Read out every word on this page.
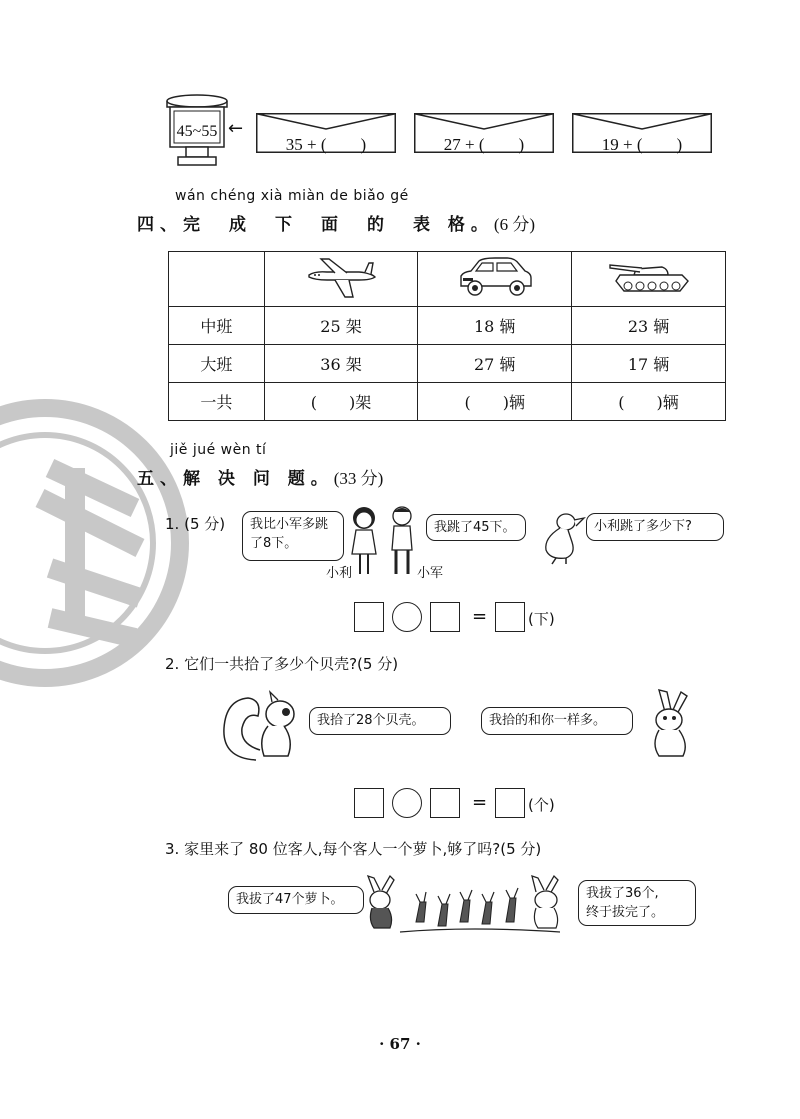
45~55 ←
35 + (　　)	27 + (　　)	19 + (　　)
wán chéng xià miàn de biǎo gé
四、完　成　下　面　的　表 格。(6 分)

中班	25 架	18 辆	23 辆
大班	36 架	27 辆	17 辆
一共	(　　)架	(　　)辆	(　　)辆
jiě jué wèn tí
五、解 决 问 题。(33 分)
1. (5 分)	我比小军多跳了8下。
小利	小军
我跳了45下。	小利跳了多少下?
=	(下)
2. 它们一共拾了多少个贝壳?(5 分)
我拾了28个贝壳。	我拾的和你一样多。
=	(个)
3. 家里来了 80 位客人,每个客人一个萝卜,够了吗?(5 分)
我拔了47个萝卜。	我拔了36个,
终于拔完了。
· 67 ·
